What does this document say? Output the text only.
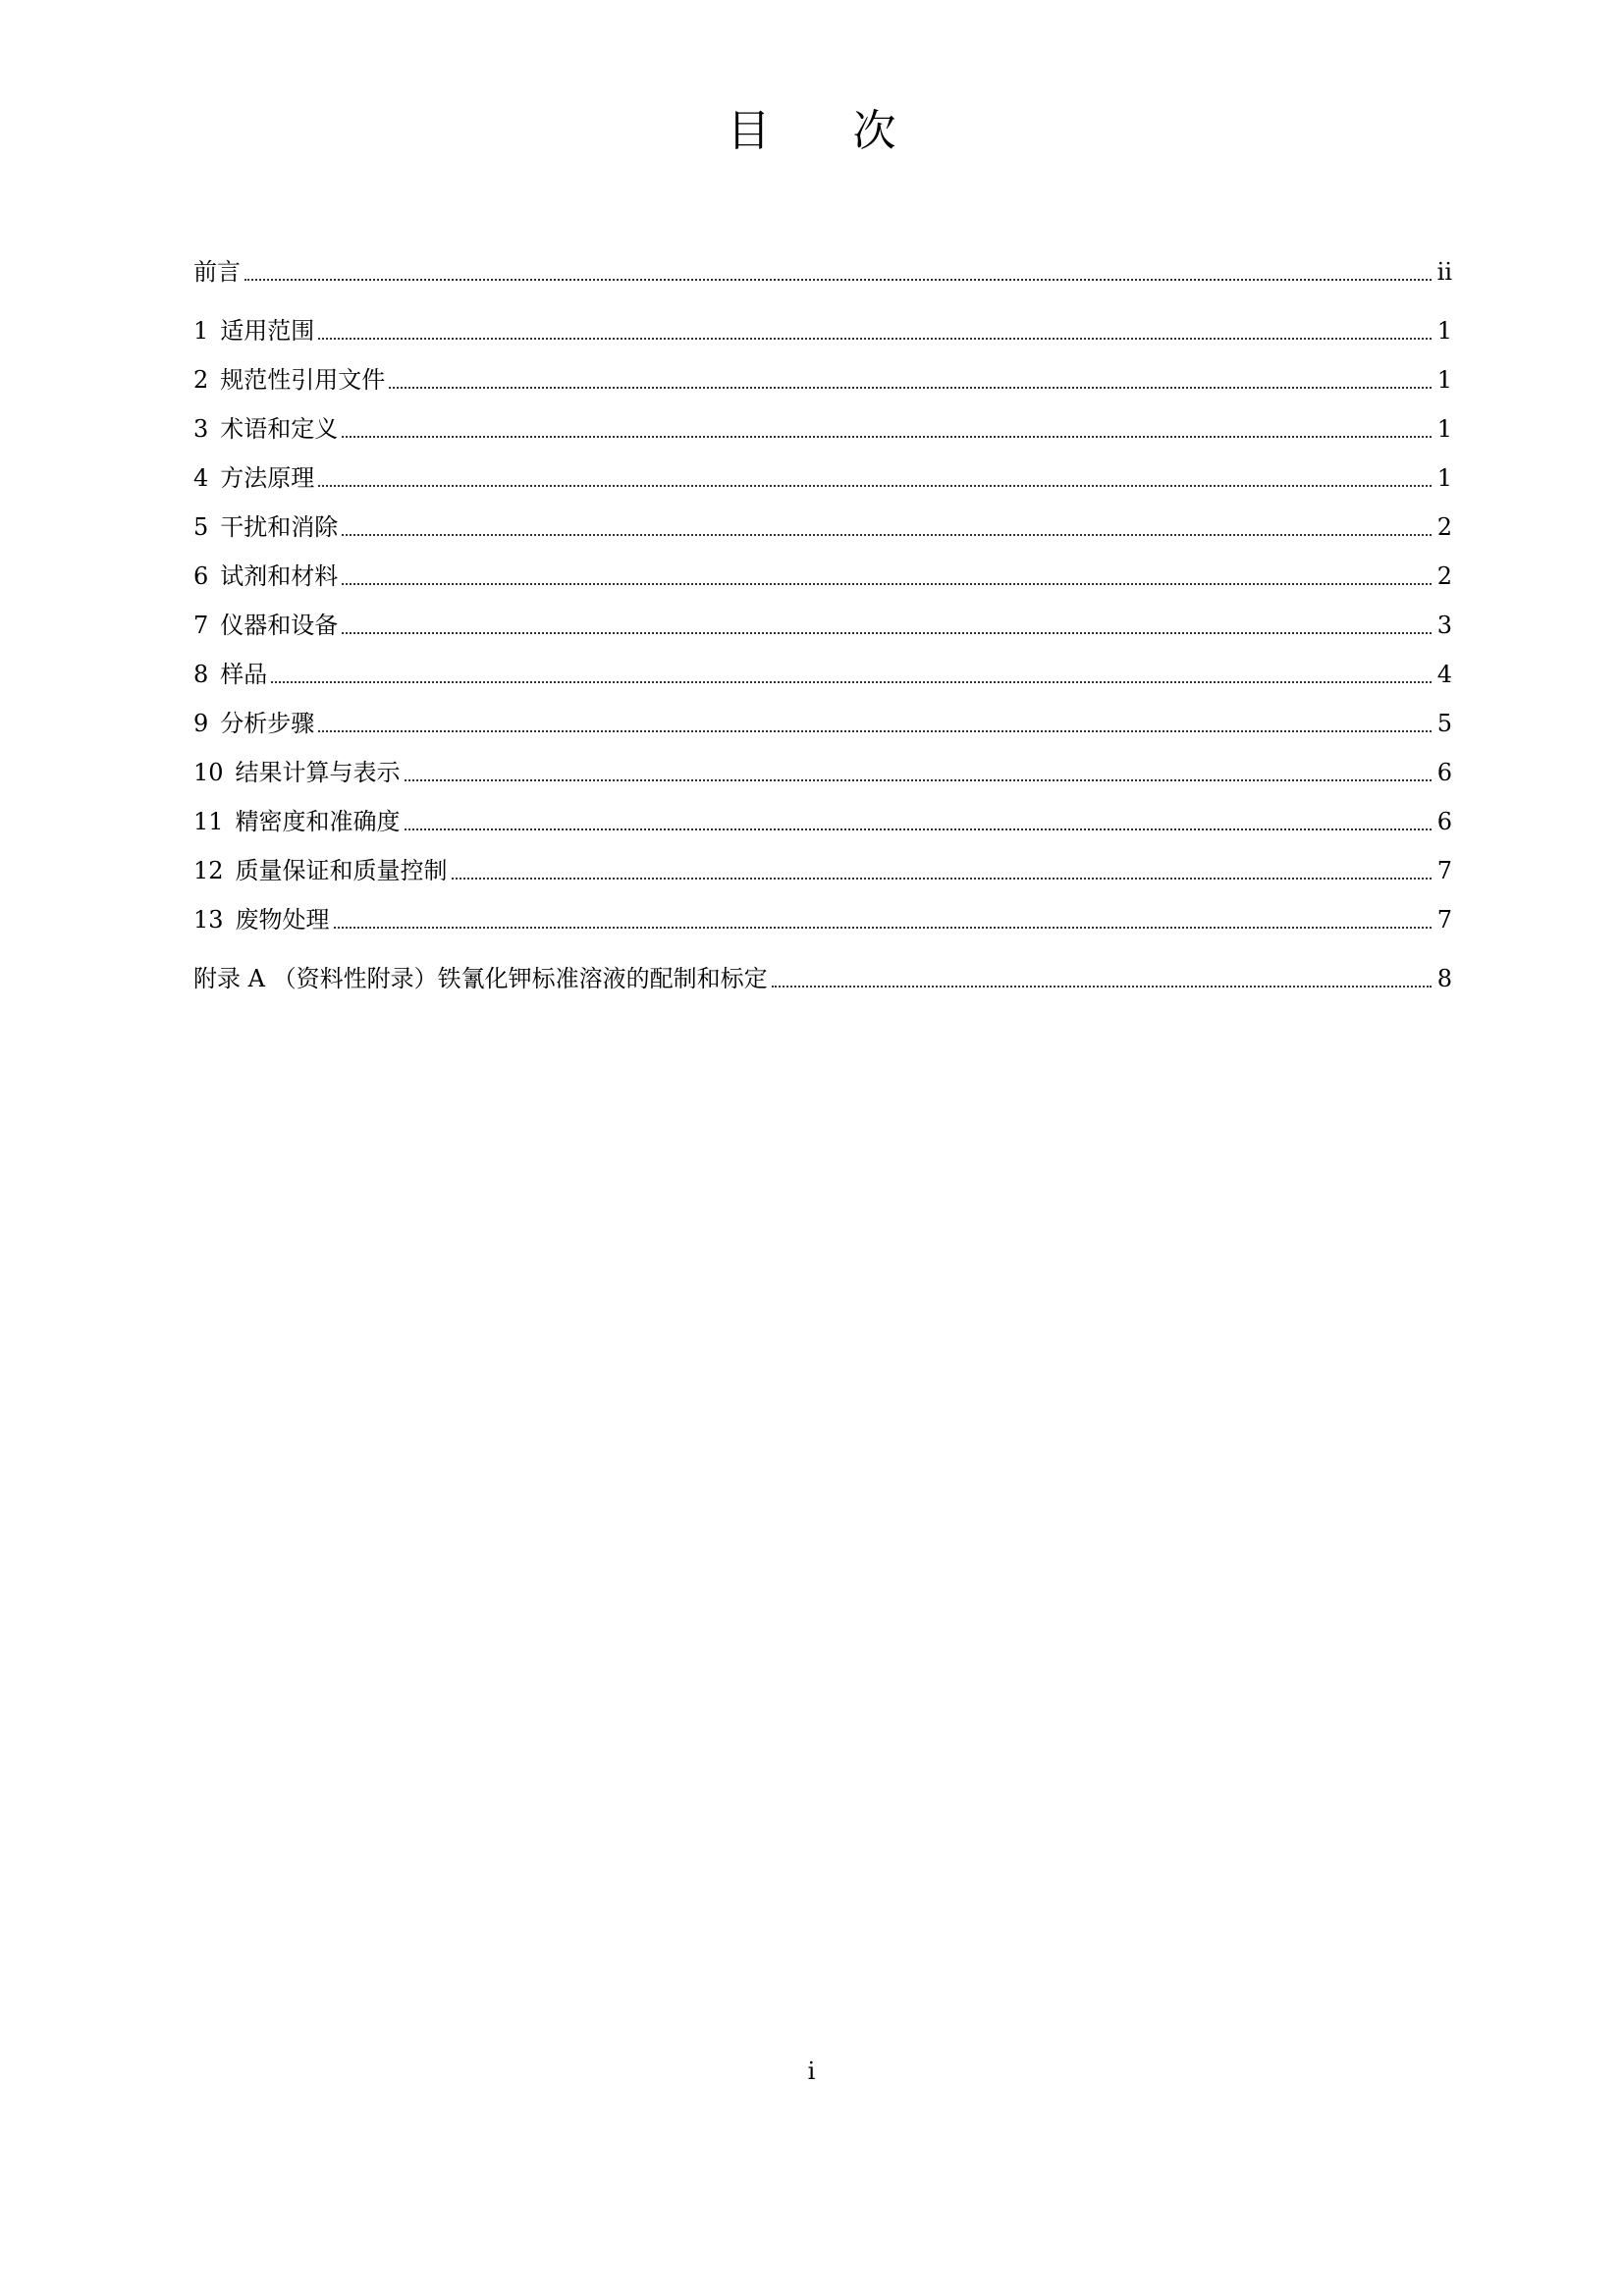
目 次
前言	ii
1 适用范围	1
2 规范性引用文件	1
3 术语和定义	1
4 方法原理	1
5 干扰和消除	2
6 试剂和材料	2
7 仪器和设备	3
8 样品	4
9 分析步骤	5
10 结果计算与表示	6
11 精密度和准确度	6
12 质量保证和质量控制	7
13 废物处理	7
附录 A （资料性附录）铁氰化钾标准溶液的配制和标定	8
i
